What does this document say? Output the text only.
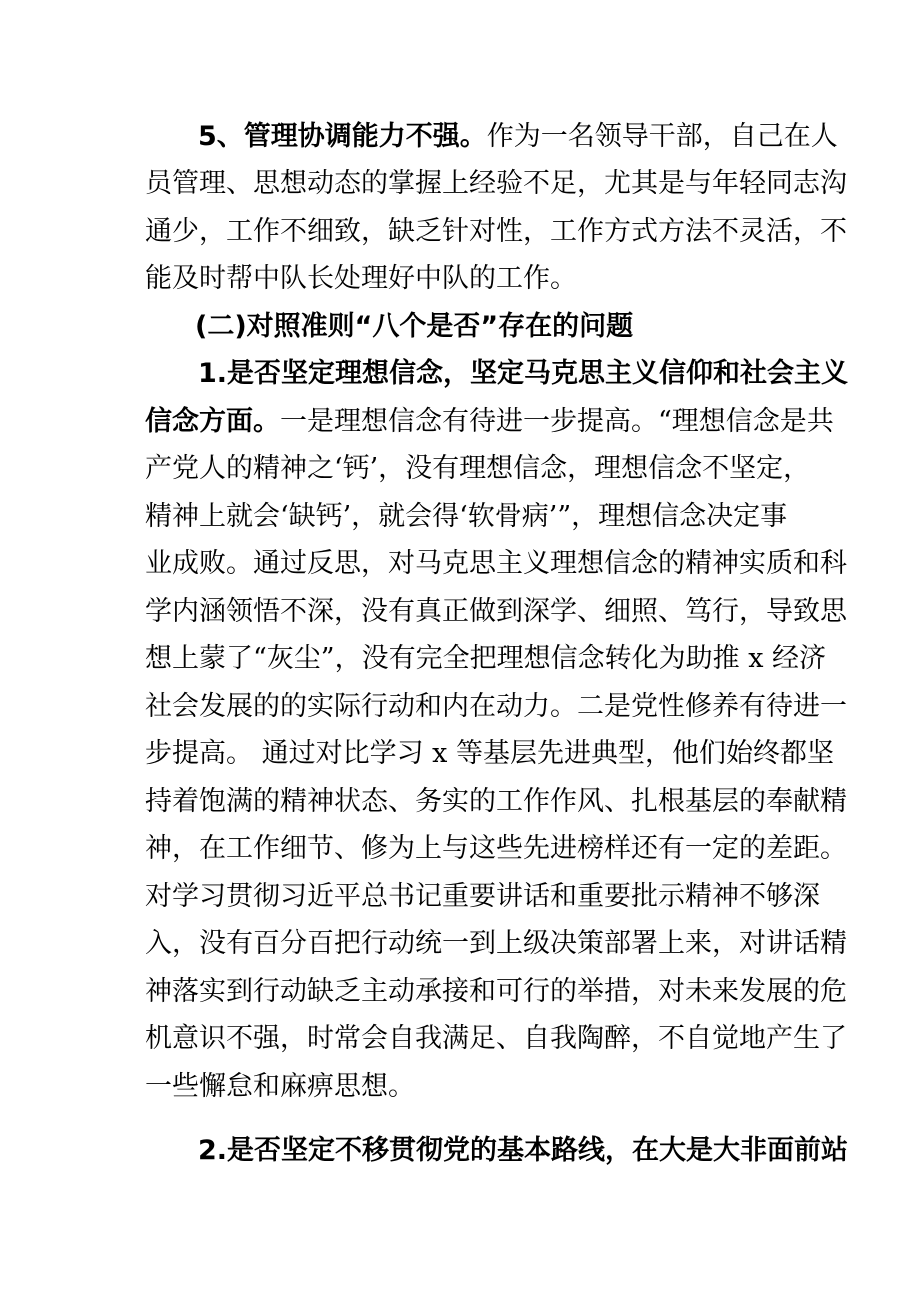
5、管理协调能力不强。作为一名领导干部，自己在人
员管理、思想动态的掌握上经验不足，尤其是与年轻同志沟
通少，工作不细致，缺乏针对性，工作方式方法不灵活，不
能及时帮中队长处理好中队的工作。
(二)对照准则“八个是否”存在的问题
1.是否坚定理想信念，坚定马克思主义信仰和社会主义
信念方面。一是理想信念有待进一步提高。“理想信念是共
产党人的精神之‘钙’，没有理想信念，理想信念不坚定，
精神上就会‘缺钙’，就会得‘软骨病’”，理想信念决定事
业成败。通过反思，对马克思主义理想信念的精神实质和科
学内涵领悟不深，没有真正做到深学、细照、笃行，导致思
想上蒙了“灰尘”，没有完全把理想信念转化为助推 x 经济
社会发展的的实际行动和内在动力。二是党性修养有待进一
步提高。 通过对比学习 x 等基层先进典型，他们始终都坚
持着饱满的精神状态、务实的工作作风、扎根基层的奉献精
神，在工作细节、修为上与这些先进榜样还有一定的差距。
对学习贯彻习近平总书记重要讲话和重要批示精神不够深
入，没有百分百把行动统一到上级决策部署上来，对讲话精
神落实到行动缺乏主动承接和可行的举措，对未来发展的危
机意识不强，时常会自我满足、自我陶醉，不自觉地产生了
一些懈怠和麻痹思想。
2.是否坚定不移贯彻党的基本路线，在大是大非面前站
